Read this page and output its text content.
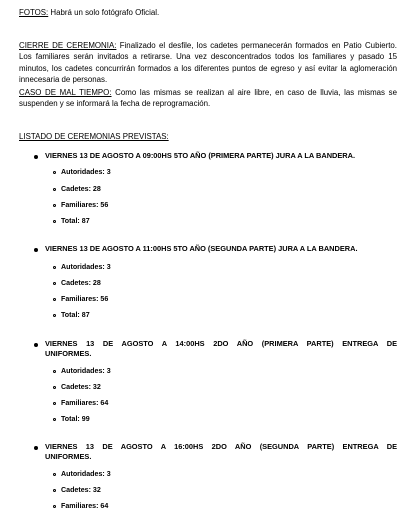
FOTOS: Habrá un solo fotógrafo Oficial.
CIERRE DE CEREMONIA: Finalizado el desfile, los cadetes permanecerán formados en Patio Cubierto. Los familiares serán invitados a retirarse. Una vez desconcentrados todos los familiares y pasado 15 minutos, los cadetes concurrirán formados a los diferentes puntos de egreso y así evitar la aglomeración innecesaria de personas.
CASO DE MAL TIEMPO: Como las mismas se realizan al aire libre, en caso de lluvia, las mismas se suspenden y se informará la fecha de reprogramación.
LISTADO DE CEREMONIAS PREVISTAS:
VIERNES 13 DE AGOSTO A 09:00HS 5TO AÑO (PRIMERA PARTE) JURA A LA BANDERA.
Autoridades: 3
Cadetes: 28
Familiares: 56
Total: 87
VIERNES 13 DE AGOSTO A 11:00HS 5TO AÑO (SEGUNDA PARTE) JURA A LA BANDERA.
Autoridades: 3
Cadetes: 28
Familiares: 56
Total: 87
VIERNES 13 DE AGOSTO A 14:00HS 2DO AÑO (PRIMERA PARTE) ENTREGA DE
UNIFORMES.
Autoridades: 3
Cadetes: 32
Familiares: 64
Total: 99
VIERNES 13 DE AGOSTO A 16:00HS 2DO AÑO (SEGUNDA PARTE) ENTREGA DE
UNIFORMES.
Autoridades: 3
Cadetes: 32
Familiares: 64
